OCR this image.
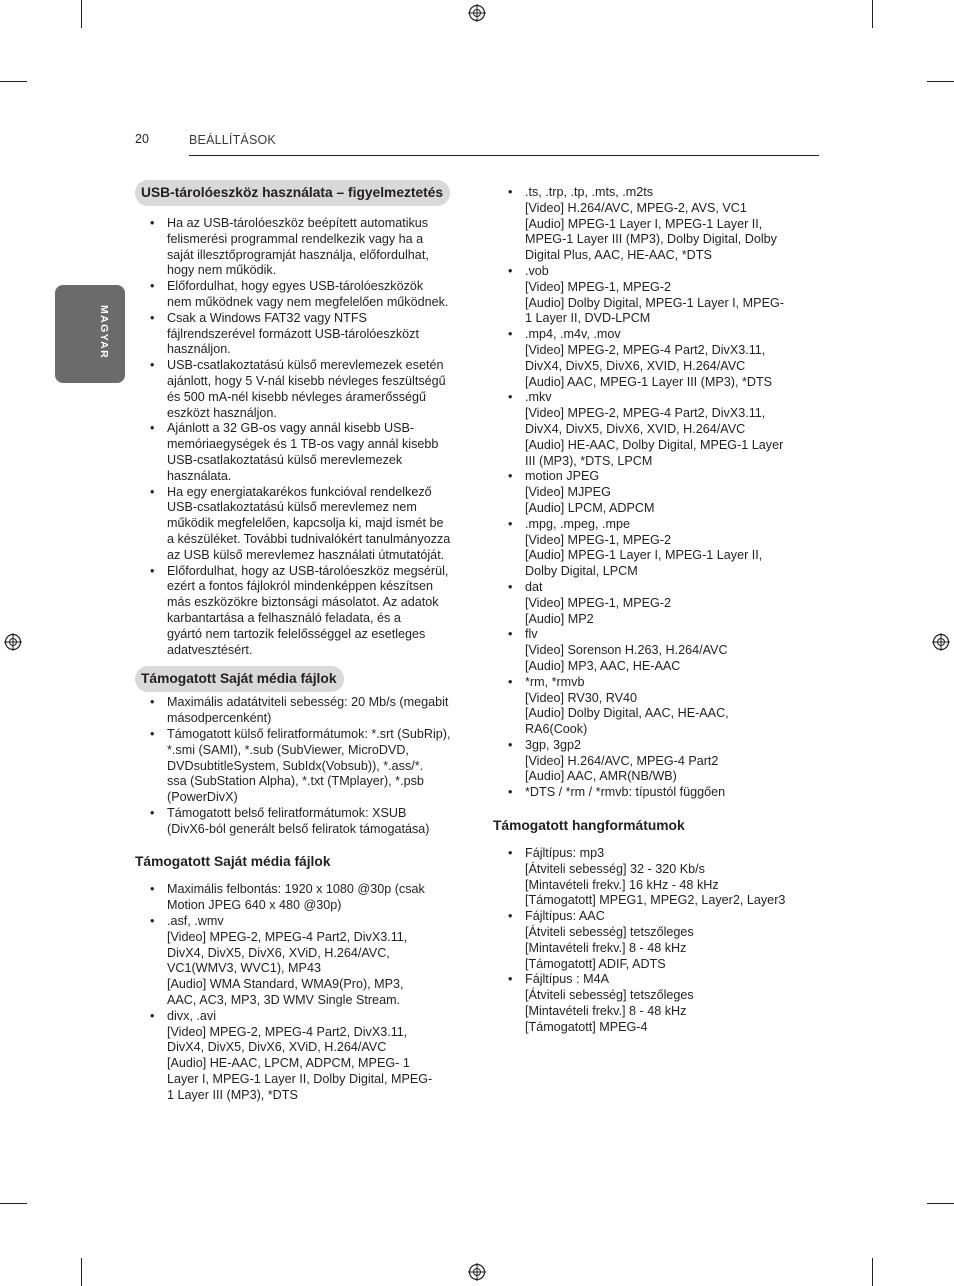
20	BEÁLLÍTÁSOK
MAGYAR
USB-tárolóeszköz használata – figyelmeztetés
• Ha az USB-tárolóeszköz beépített automatikus
felismerési programmal rendelkezik vagy ha a
saját illesztőprogramját használja, előfordulhat,
hogy nem működik.
• Előfordulhat, hogy egyes USB-tárolóeszközök
nem működnek vagy nem megfelelően működnek.
• Csak a Windows FAT32 vagy NTFS
fájlrendszerével formázott USB-tárolóeszközt
használjon.
• USB-csatlakoztatású külső merevlemezek esetén
ajánlott, hogy 5 V-nál kisebb névleges feszültségű
és 500 mA-nél kisebb névleges áramerősségű
eszközt használjon.
• Ajánlott a 32 GB-os vagy annál kisebb USB-
memóriaegységek és 1 TB-os vagy annál kisebb
USB-csatlakoztatású külső merevlemezek
használata.
• Ha egy energiatakarékos funkcióval rendelkező
USB-csatlakoztatású külső merevlemez nem
működik megfelelően, kapcsolja ki, majd ismét be
a készüléket. További tudnivalókért tanulmányozza
az USB külső merevlemez használati útmutatóját.
• Előfordulhat, hogy az USB-tárolóeszköz megsérül,
ezért a fontos fájlokról mindenképpen készítsen
más eszközökre biztonsági másolatot. Az adatok
karbantartása a felhasználó feladata, és a
gyártó nem tartozik felelősséggel az esetleges
adatvesztésért.
Támogatott Saját média fájlok
• Maximális adatátviteli sebesség: 20 Mb/s (megabit
másodpercenként)
• Támogatott külső feliratformátumok: *.srt (SubRip),
*.smi (SAMI), *.sub (SubViewer, MicroDVD,
DVDsubtitleSystem, SubIdx(Vobsub)), *.ass/*.
ssa (SubStation Alpha), *.txt (TMplayer), *.psb
(PowerDivX)
• Támogatott belső feliratformátumok: XSUB
(DivX6-ból generált belső feliratok támogatása)
Támogatott Saját média fájlok
• Maximális felbontás: 1920 x 1080 @30p (csak
Motion JPEG 640 x 480 @30p)
• .asf, .wmv
[Video] MPEG-2, MPEG-4 Part2, DivX3.11,
DivX4, DivX5, DivX6, XViD, H.264/AVC,
VC1(WMV3, WVC1), MP43
[Audio] WMA Standard, WMA9(Pro), MP3,
AAC, AC3, MP3, 3D WMV Single Stream.
• divx, .avi
[Video] MPEG-2, MPEG-4 Part2, DivX3.11,
DivX4, DivX5, DivX6, XViD, H.264/AVC
[Audio] HE-AAC, LPCM, ADPCM, MPEG- 1
Layer I, MPEG-1 Layer II, Dolby Digital, MPEG-
1 Layer III (MP3), *DTS
• .ts, .trp, .tp, .mts, .m2ts
[Video] H.264/AVC, MPEG-2, AVS, VC1
[Audio] MPEG-1 Layer I, MPEG-1 Layer II,
MPEG-1 Layer III (MP3), Dolby Digital, Dolby
Digital Plus, AAC, HE-AAC, *DTS
• .vob
[Video] MPEG-1, MPEG-2
[Audio] Dolby Digital, MPEG-1 Layer I, MPEG-
1 Layer II, DVD-LPCM
• .mp4, .m4v, .mov
[Video] MPEG-2, MPEG-4 Part2, DivX3.11,
DivX4, DivX5, DivX6, XVID, H.264/AVC
[Audio] AAC, MPEG-1 Layer III (MP3), *DTS
• .mkv
[Video] MPEG-2, MPEG-4 Part2, DivX3.11,
DivX4, DivX5, DivX6, XVID, H.264/AVC
[Audio] HE-AAC, Dolby Digital, MPEG-1 Layer
III (MP3), *DTS, LPCM
• motion JPEG
[Video] MJPEG
[Audio] LPCM, ADPCM
• .mpg, .mpeg, .mpe
[Video] MPEG-1, MPEG-2
[Audio] MPEG-1 Layer I, MPEG-1 Layer II,
Dolby Digital, LPCM
• dat
[Video] MPEG-1, MPEG-2
[Audio] MP2
• flv
[Video] Sorenson H.263, H.264/AVC
[Audio] MP3, AAC, HE-AAC
• *rm, *rmvb
[Video] RV30, RV40
[Audio] Dolby Digital, AAC, HE-AAC,
RA6(Cook)
• 3gp, 3gp2
[Video] H.264/AVC, MPEG-4 Part2
[Audio] AAC, AMR(NB/WB)
• *DTS / *rm / *rmvb: típustól függően
Támogatott hangformátumok
• Fájltípus: mp3
[Átviteli sebesség] 32 - 320 Kb/s
[Mintavételi frekv.] 16 kHz - 48 kHz
[Támogatott] MPEG1, MPEG2, Layer2, Layer3
• Fájltípus: AAC
[Átviteli sebesség] tetszőleges
[Mintavételi frekv.] 8 - 48 kHz
[Támogatott] ADIF, ADTS
• Fájltípus : M4A
[Átviteli sebesség] tetszőleges
[Mintavételi frekv.] 8 - 48 kHz
[Támogatott] MPEG-4
